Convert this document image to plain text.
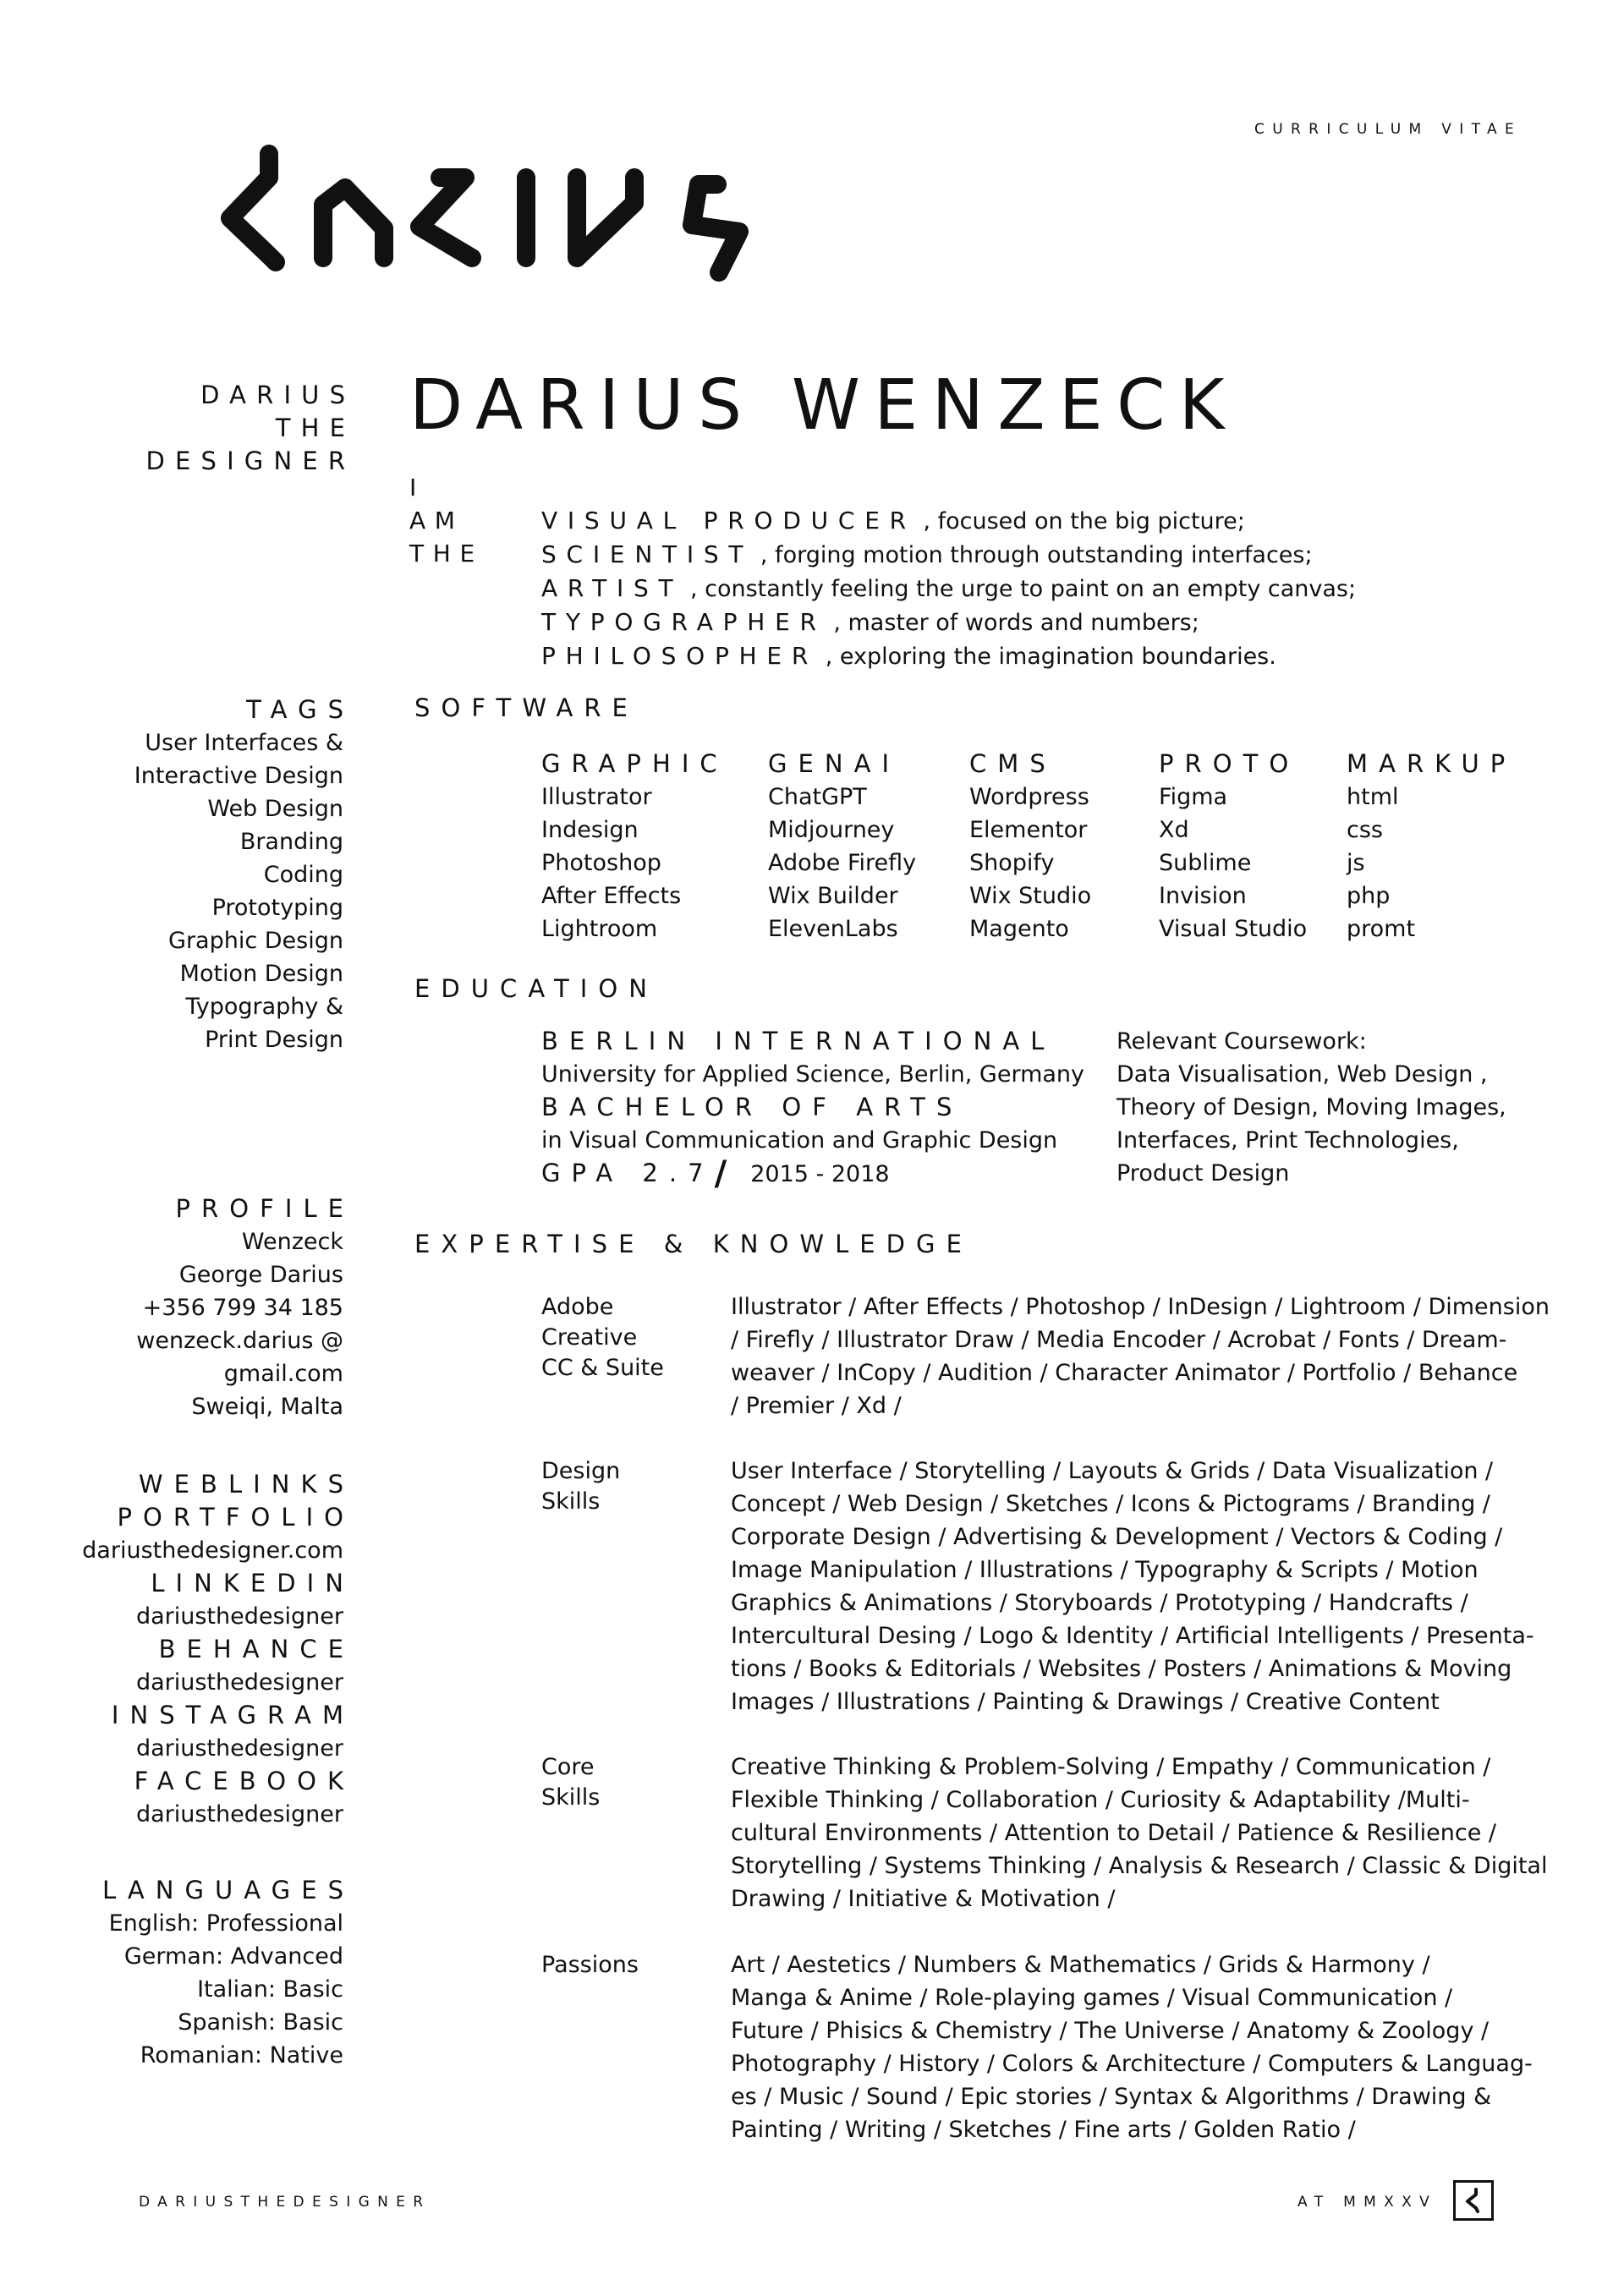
CURRICULUM VITAE
DARIUS
THE
DESIGNER
DARIUS WENZECK
I
AM
THE
VISUAL PRODUCER , focused on the big picture;
SCIENTIST , forging motion through outstanding interfaces;
ARTIST , constantly feeling the urge to paint on an empty canvas;
TYPOGRAPHER , master of words and numbers;
PHILOSOPHER , exploring the imagination boundaries.
TAGS
User Interfaces &
Interactive Design
Web Design
Branding
Coding
Prototyping
Graphic Design
Motion Design
Typography &
Print Design
PROFILE
Wenzeck
George Darius
+356 799 34 185
wenzeck.darius @
gmail.com
Sweiqi, Malta
WEBLINKS
PORTFOLIO
dariusthedesigner.com
LINKEDIN
dariusthedesigner
BEHANCE
dariusthedesigner
INSTAGRAM
dariusthedesigner
FACEBOOK
dariusthedesigner
LANGUAGES
English: Professional
German: Advanced
Italian: Basic
Spanish: Basic
Romanian: Native
SOFTWARE
GRAPHIC
Illustrator
Indesign
Photoshop
After Effects
Lightroom
GENAI
ChatGPT
Midjourney
Adobe Firefly
Wix Builder
ElevenLabs
CMS
Wordpress
Elementor
Shopify
Wix Studio
Magento
PROTO
Figma
Xd
Sublime
Invision
Visual Studio
MARKUP
html
css
js
php
promt
EDUCATION
BERLIN INTERNATIONAL
University for Applied Science, Berlin, Germany
BACHELOR OF ARTS
in Visual Communication and Graphic Design
GPA 2.7/ 2015 - 2018
Relevant Coursework:
Data Visualisation, Web Design ,
Theory of Design, Moving Images,
Interfaces, Print Technologies,
Product Design
EXPERTISE & KNOWLEDGE
Adobe
Creative
CC & Suite
Illustrator / After Effects / Photoshop / InDesign / Lightroom / Dimension
/ Firefly / Illustrator Draw / Media Encoder / Acrobat / Fonts / Dream-
weaver / InCopy / Audition / Character Animator / Portfolio / Behance
/ Premier / Xd /
Design
Skills
User Interface / Storytelling / Layouts & Grids / Data Visualization /
Concept / Web Design / Sketches / Icons & Pictograms / Branding /
Corporate Design / Advertising & Development / Vectors & Coding /
Image Manipulation / Illustrations / Typography & Scripts / Motion
Graphics & Animations / Storyboards / Prototyping / Handcrafts /
Intercultural Desing / Logo & Identity / Artificial Intelligents / Presenta-
tions / Books & Editorials / Websites / Posters / Animations & Moving
Images / Illustrations / Painting & Drawings / Creative Content
Core
Skills
Creative Thinking & Problem-Solving / Empathy / Communication /
Flexible Thinking / Collaboration / Curiosity & Adaptability /Multi-
cultural Environments / Attention to Detail / Patience & Resilience /
Storytelling / Systems Thinking / Analysis & Research / Classic & Digital
Drawing / Initiative & Motivation /
Passions	Art / Aestetics / Numbers & Mathematics / Grids & Harmony /
Manga & Anime / Role-playing games / Visual Communication /
Future / Phisics & Chemistry / The Universe / Anatomy & Zoology /
Photography / History / Colors & Architecture / Computers & Languag-
es / Music / Sound / Epic stories / Syntax & Algorithms / Drawing &
Painting / Writing / Sketches / Fine arts / Golden Ratio /
DARIUSTHEDESIGNER	AT MMXXV
